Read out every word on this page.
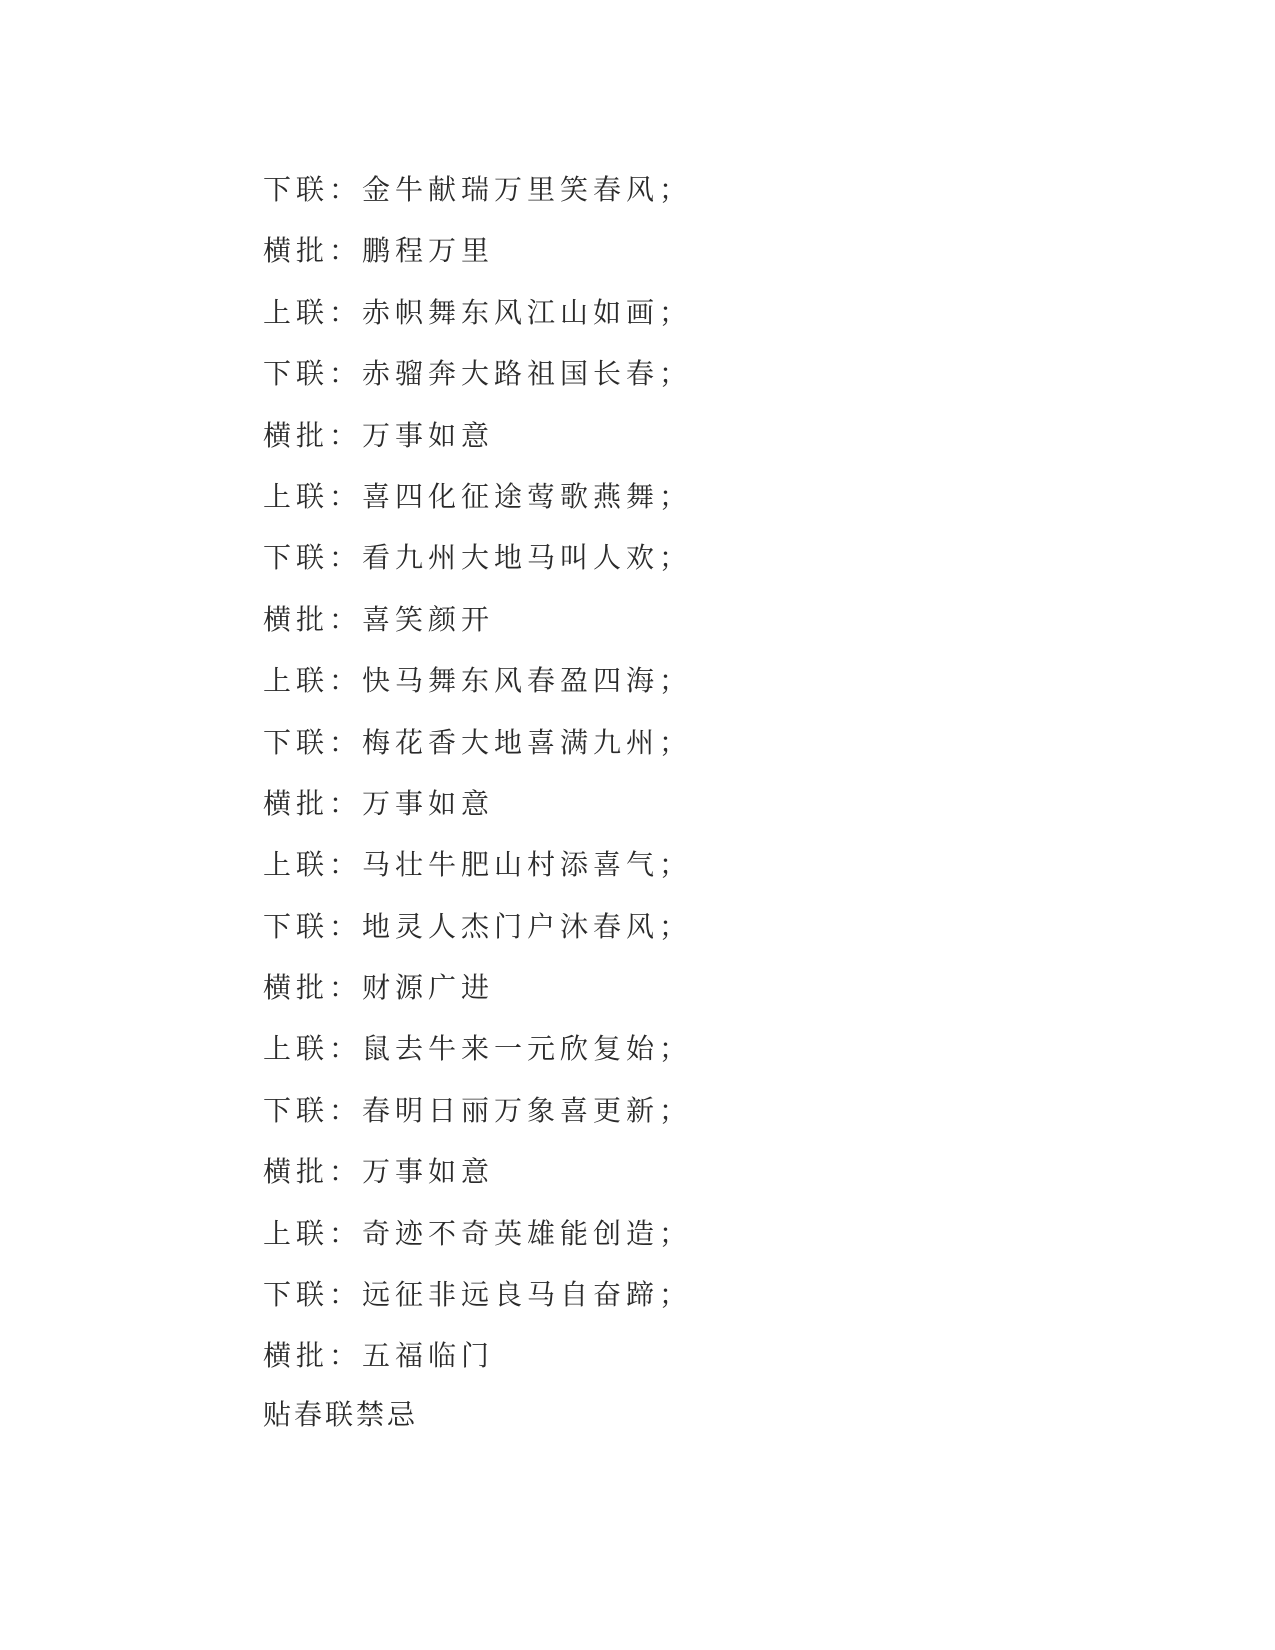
下联：金牛献瑞万里笑春风；
横批：鹏程万里
上联：赤帜舞东风江山如画；
下联：赤骝奔大路祖国长春；
横批：万事如意
上联：喜四化征途莺歌燕舞；
下联：看九州大地马叫人欢；
横批：喜笑颜开
上联：快马舞东风春盈四海；
下联：梅花香大地喜满九州；
横批：万事如意
上联：马壮牛肥山村添喜气；
下联：地灵人杰门户沐春风；
横批：财源广进
上联：鼠去牛来一元欣复始；
下联：春明日丽万象喜更新；
横批：万事如意
上联：奇迹不奇英雄能创造；
下联：远征非远良马自奋蹄；
横批：五福临门
贴春联禁忌
